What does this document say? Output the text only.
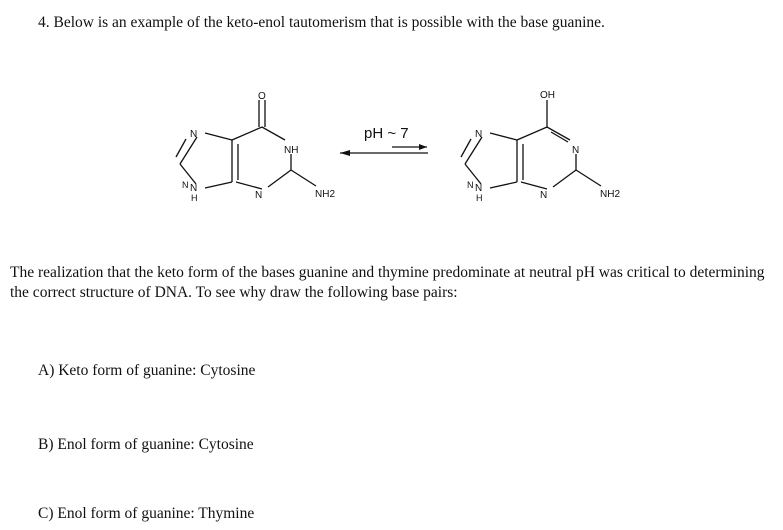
4. Below is an example of the keto-enol tautomerism that is possible with the base guanine.
O
N
NH
N
N
H
N
NH2
pH ~ 7
OH
N
N
N
N
H
N
NH2

The realization that the keto form of the bases guanine and thymine predominate at neutral pH was critical to determining the correct structure of DNA. To see why draw the following base pairs:

A) Keto form of guanine: Cytosine

B) Enol form of guanine: Cytosine

C) Enol form of guanine: Thymine
